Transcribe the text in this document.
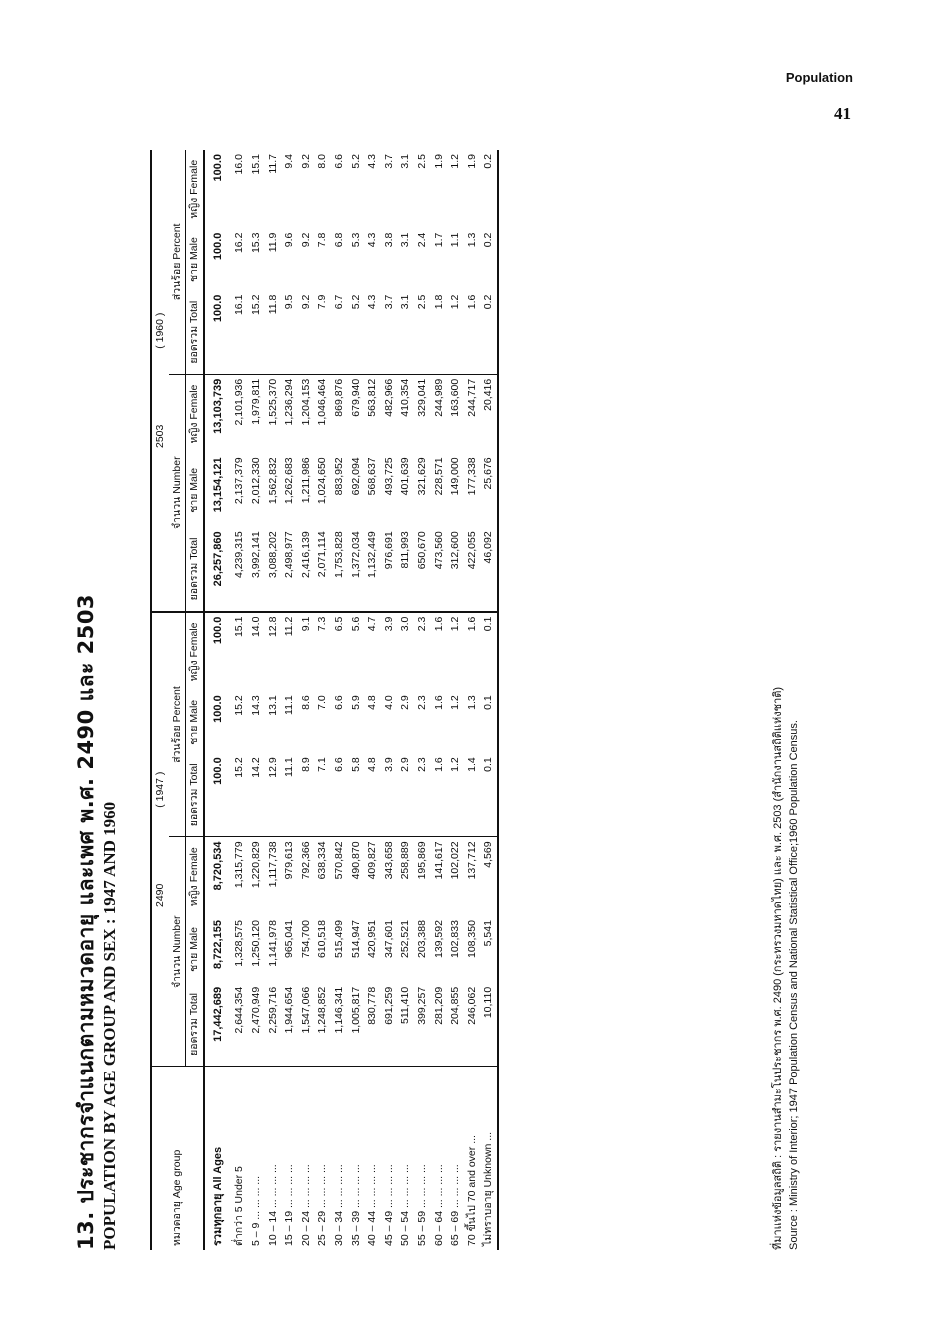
Population
41
13. ประชากรจำแนกตามหมวดอายุ และเพศ พ.ศ. 2490 และ 2503 POPULATION BY AGE GROUP AND SEX : 1947 AND 1960	หมวดอายุ Age group	2490                          ( 1947 )						2503                          ( 1960 )					
	จำนวน Number			ส่วนร้อย Percent			จำนวน Number			ส่วนร้อย Percent		
	ยอดรวม Total	ชาย Male	หญิง Female	ยอดรวม Total	ชาย Male	หญิง Female	ยอดรวม Total	ชาย Male	หญิง Female	ยอดรวม Total	ชาย Male	หญิง Female
รวมทุกอายุ All Ages	17,442,689	8,722,155	8,720,534	100.0	100.0	100.0	26,257,860	13,154,121	13,103,739	100.0	100.0	100.0
ต่ำกว่า 5 Under 5	2,644,354	1,328,575	1,315,779	15.2	15.2	15.1	4,239,315	2,137,379	2,101,936	16.1	16.2	16.0
5 – 9 ... ... ... ...	2,470,949	1,250,120	1,220,829	14.2	14.3	14.0	3,992,141	2,012,330	1,979,811	15.2	15.3	15.1
10 – 14 ... ... ... ...	2,259,716	1,141,978	1,117,738	12.9	13.1	12.8	3,088,202	1,562,832	1,525,370	11.8	11.9	11.7
15 – 19 ... ... ... ...	1,944,654	965,041	979,613	11.1	11.1	11.2	2,498,977	1,262,683	1,236,294	9.5	9.6	9.4
20 – 24 ... ... ... ...	1,547,066	754,700	792,366	8.9	8.6	9.1	2,416,139	1,211,986	1,204,153	9.2	9.2	9.2
25 – 29 ... ... ... ...	1,248,852	610,518	638,334	7.1	7.0	7.3	2,071,114	1,024,650	1,046,464	7.9	7.8	8.0
30 – 34 ... ... ... ...	1,146,341	515,499	570,842	6.6	6.6	6.5	1,753,828	883,952	869,876	6.7	6.8	6.6
35 – 39 ... ... ... ...	1,005,817	514,947	490,870	5.8	5.9	5.6	1,372,034	692,094	679,940	5.2	5.3	5.2
40 – 44 ... ... ... ...	830,778	420,951	409,827	4.8	4.8	4.7	1,132,449	568,637	563,812	4.3	4.3	4.3
45 – 49 ... ... ... ...	691,259	347,601	343,658	3.9	4.0	3.9	976,691	493,725	482,966	3.7	3.8	3.7
50 – 54 ... ... ... ...	511,410	252,521	258,889	2.9	2.9	3.0	811,993	401,639	410,354	3.1	3.1	3.1
55 – 59 ... ... ... ...	399,257	203,388	195,869	2.3	2.3	2.3	650,670	321,629	329,041	2.5	2.4	2.5
60 – 64 ... ... ... ...	281,209	139,592	141,617	1.6	1.6	1.6	473,560	228,571	244,989	1.8	1.7	1.9
65 – 69 ... ... ... ...	204,855	102,833	102,022	1.2	1.2	1.2	312,600	149,000	163,600	1.2	1.1	1.2
70 ขึ้นไป 70 and over ...	246,062	108,350	137,712	1.4	1.3	1.6	422,055	177,338	244,717	1.6	1.3	1.9
ไม่ทราบอายุ Unknown ...	10,110	5,541	4,569	0.1	0.1	0.1	46,092	25,676	20,416	0.2	0.2	0.2
ที่มาแห่งข้อมูลสถิติ : รายงานสำมะโนประชากร พ.ศ. 2490 (กระทรวงมหาดไทย) และ พ.ศ. 2503 (สำนักงานสถิติแห่งชาติ) Source : Ministry of Interior; 1947 Population Census and National Statistical Office;1960 Population Census.
